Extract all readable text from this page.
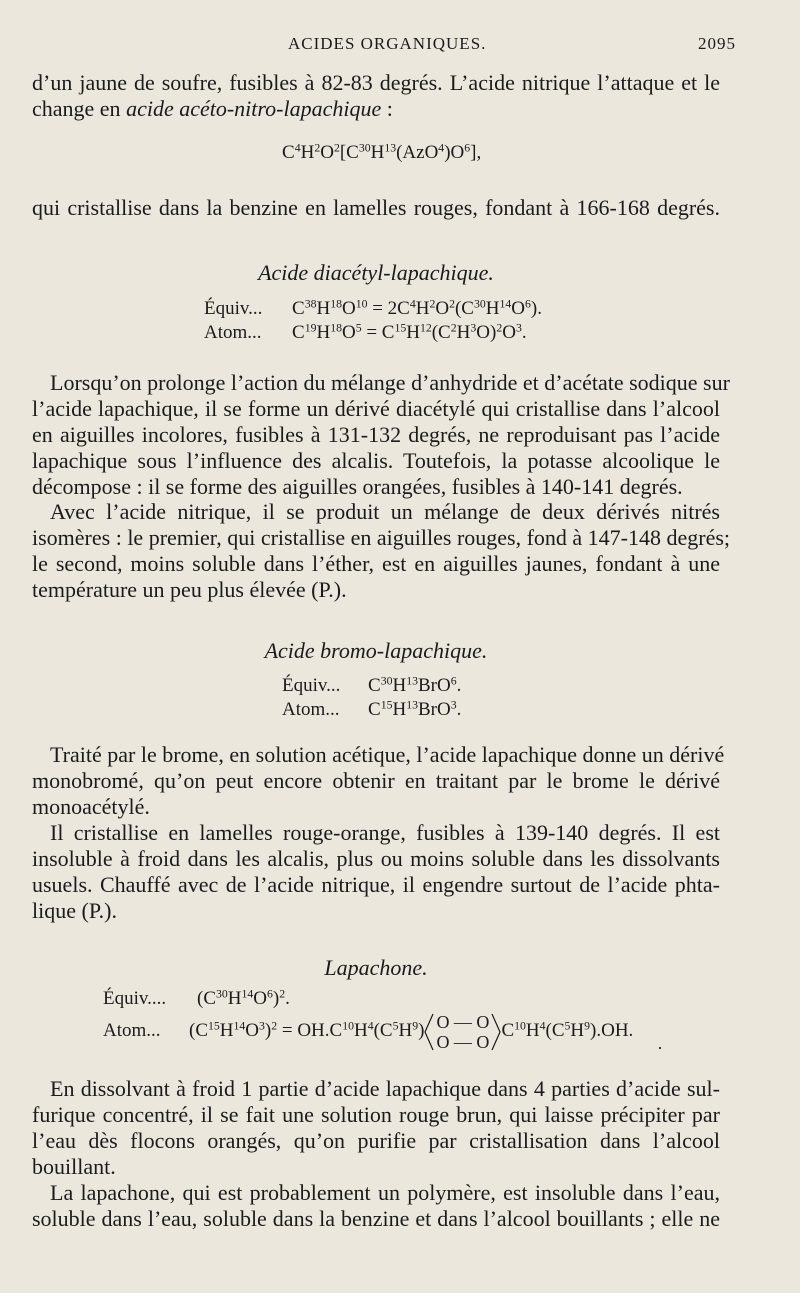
ACIDES ORGANIQUES.	2095
d’un jaune de soufre, fusibles à 82-83 degrés. L’acide nitrique l’attaque et le
change en acide acéto-nitro-lapachique :
$C^4H^2O^2[C^{30}H^{13}(AzO^4)O^6]$,
qui cristallise dans la benzine en lamelles rouges, fondant à 166-168 degrés.
Acide diacétyl-lapachique.
Équiv... $C^{38}H^{18}O^{10} = 2C^4H^2O^2(C^{30}H^{14}O^6)$.
Atom... $C^{19}H^{18}O^5 = C^{15}H^{12}(C^2H^3O)^2O^3$.
Lorsqu’on prolonge l’action du mélange d’anhydride et d’acétate sodique sur
l’acide lapachique, il se forme un dérivé diacétylé qui cristallise dans l’alcool
en aiguilles incolores, fusibles à 131-132 degrés, ne reproduisant pas l’acide
lapachique sous l’influence des alcalis. Toutefois, la potasse alcoolique le
décompose : il se forme des aiguilles orangées, fusibles à 140-141 degrés.
Avec l’acide nitrique, il se produit un mélange de deux dérivés nitrés
isomères : le premier, qui cristallise en aiguilles rouges, fond à 147-148 degrés;
le second, moins soluble dans l’éther, est en aiguilles jaunes, fondant à une
température un peu plus élevée (P.).
Acide bromo-lapachique.
Équiv... $C^{30}H^{13}BrO^6$.
Atom... $C^{15}H^{13}BrO^3$.
Traité par le brome, en solution acétique, l’acide lapachique donne un dérivé
monobromé, qu’on peut encore obtenir en traitant par le brome le dérivé
monoacétylé.
Il cristallise en lamelles rouge-orange, fusibles à 139-140 degrés. Il est
insoluble à froid dans les alcalis, plus ou moins soluble dans les dissolvants
usuels. Chauffé avec de l’acide nitrique, il engendre surtout de l’acide phta-
lique (P.).
Lapachone.
Équiv.... $(C^{30}H^{14}O^6)^2$.
Atom... $(C^{15}H^{14}O^3)^2 = OH.C^{10}H^4(C^5H^9)$ O — O
O — O
$C^{10}H^4(C^5H^9).OH$.
·
En dissolvant à froid 1 partie d’acide lapachique dans 4 parties d’acide sul-
furique concentré, il se fait une solution rouge brun, qui laisse précipiter par
l’eau dès flocons orangés, qu’on purifie par cristallisation dans l’alcool
bouillant.
La lapachone, qui est probablement un polymère, est insoluble dans l’eau,
soluble dans l’eau, soluble dans la benzine et dans l’alcool bouillants ; elle ne
